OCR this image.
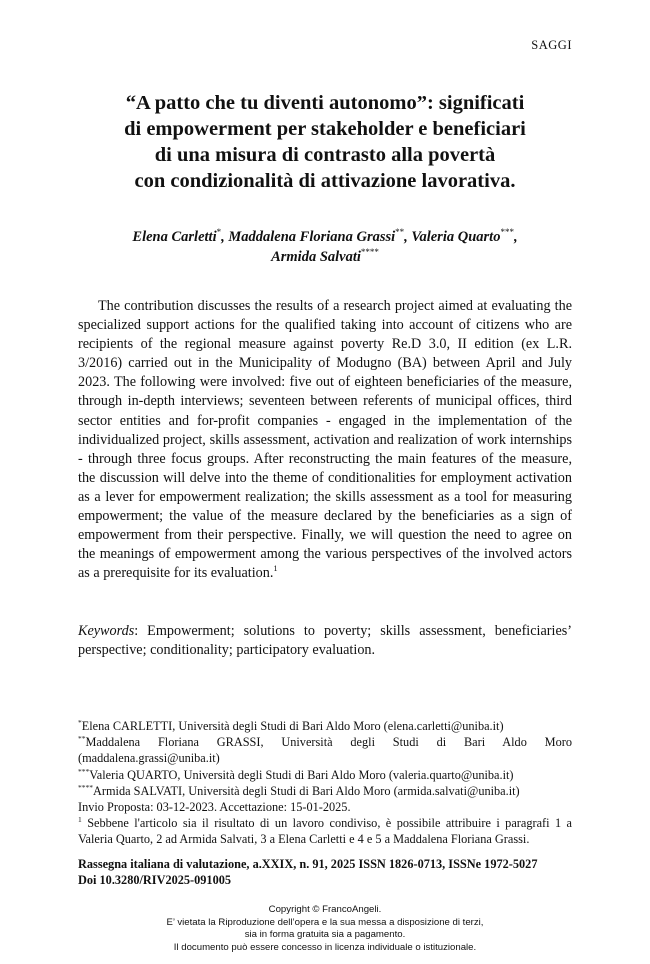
SAGGI
“A patto che tu diventi autonomo”: significati
di empowerment per stakeholder e beneficiari
di una misura di contrasto alla povertà
con condizionalità di attivazione lavorativa.
Elena Carletti*, Maddalena Floriana Grassi**, Valeria Quarto***,
Armida Salvati****

The contribution discusses the results of a research project aimed at evaluating the specialized support actions for the qualified taking into account of citizens who are recipients of the regional measure against poverty Re.D 3.0, II edition (ex L.R. 3/2016) carried out in the Municipality of Modugno (BA) between April and July 2023. The following were involved: five out of eighteen beneficiaries of the measure, through in-depth interviews; seventeen between referents of municipal offices, third sector entities and for-profit companies - engaged in the implementation of the individualized project, skills assessment, activation and realization of work internships - through three focus groups. After reconstructing the main features of the measure, the discussion will delve into the theme of conditionalities for employment activation as a lever for empowerment realization; the skills assessment as a tool for measuring empowerment; the value of the measure declared by the beneficiaries as a sign of empowerment from their perspective. Finally, we will question the need to agree on the meanings of empowerment among the various perspectives of the involved actors as a prerequisite for its evaluation.$^1$

Keywords: Empowerment; solutions to poverty; skills assessment, beneficiaries’ perspective; conditionality; participatory evaluation.

*Elena CARLETTI, Università degli Studi di Bari Aldo Moro (elena.carletti@uniba.it)
**Maddalena Floriana GRASSI, Università degli Studi di Bari Aldo Moro
(maddalena.grassi@uniba.it)
***Valeria QUARTO, Università degli Studi di Bari Aldo Moro (valeria.quarto@uniba.it)
****Armida SALVATI, Università degli Studi di Bari Aldo Moro (armida.salvati@uniba.it)
Invio Proposta: 03-12-2023. Accettazione: 15-01-2025.
$^1$ Sebbene l'articolo sia il risultato di un lavoro condiviso, è possibile attribuire i paragrafi 1 a Valeria Quarto, 2 ad Armida Salvati, 3 a Elena Carletti e 4 e 5 a Maddalena Floriana Grassi.
Rassegna italiana di valutazione, a.XXIX, n. 91, 2025 ISSN 1826-0713, ISSNe 1972-5027
Doi 10.3280/RIV2025-091005
Copyright © FrancoAngeli.
E’ vietata la Riproduzione dell’opera e la sua messa a disposizione di terzi,
sia in forma gratuita sia a pagamento.
Il documento può essere concesso in licenza individuale o istituzionale.
